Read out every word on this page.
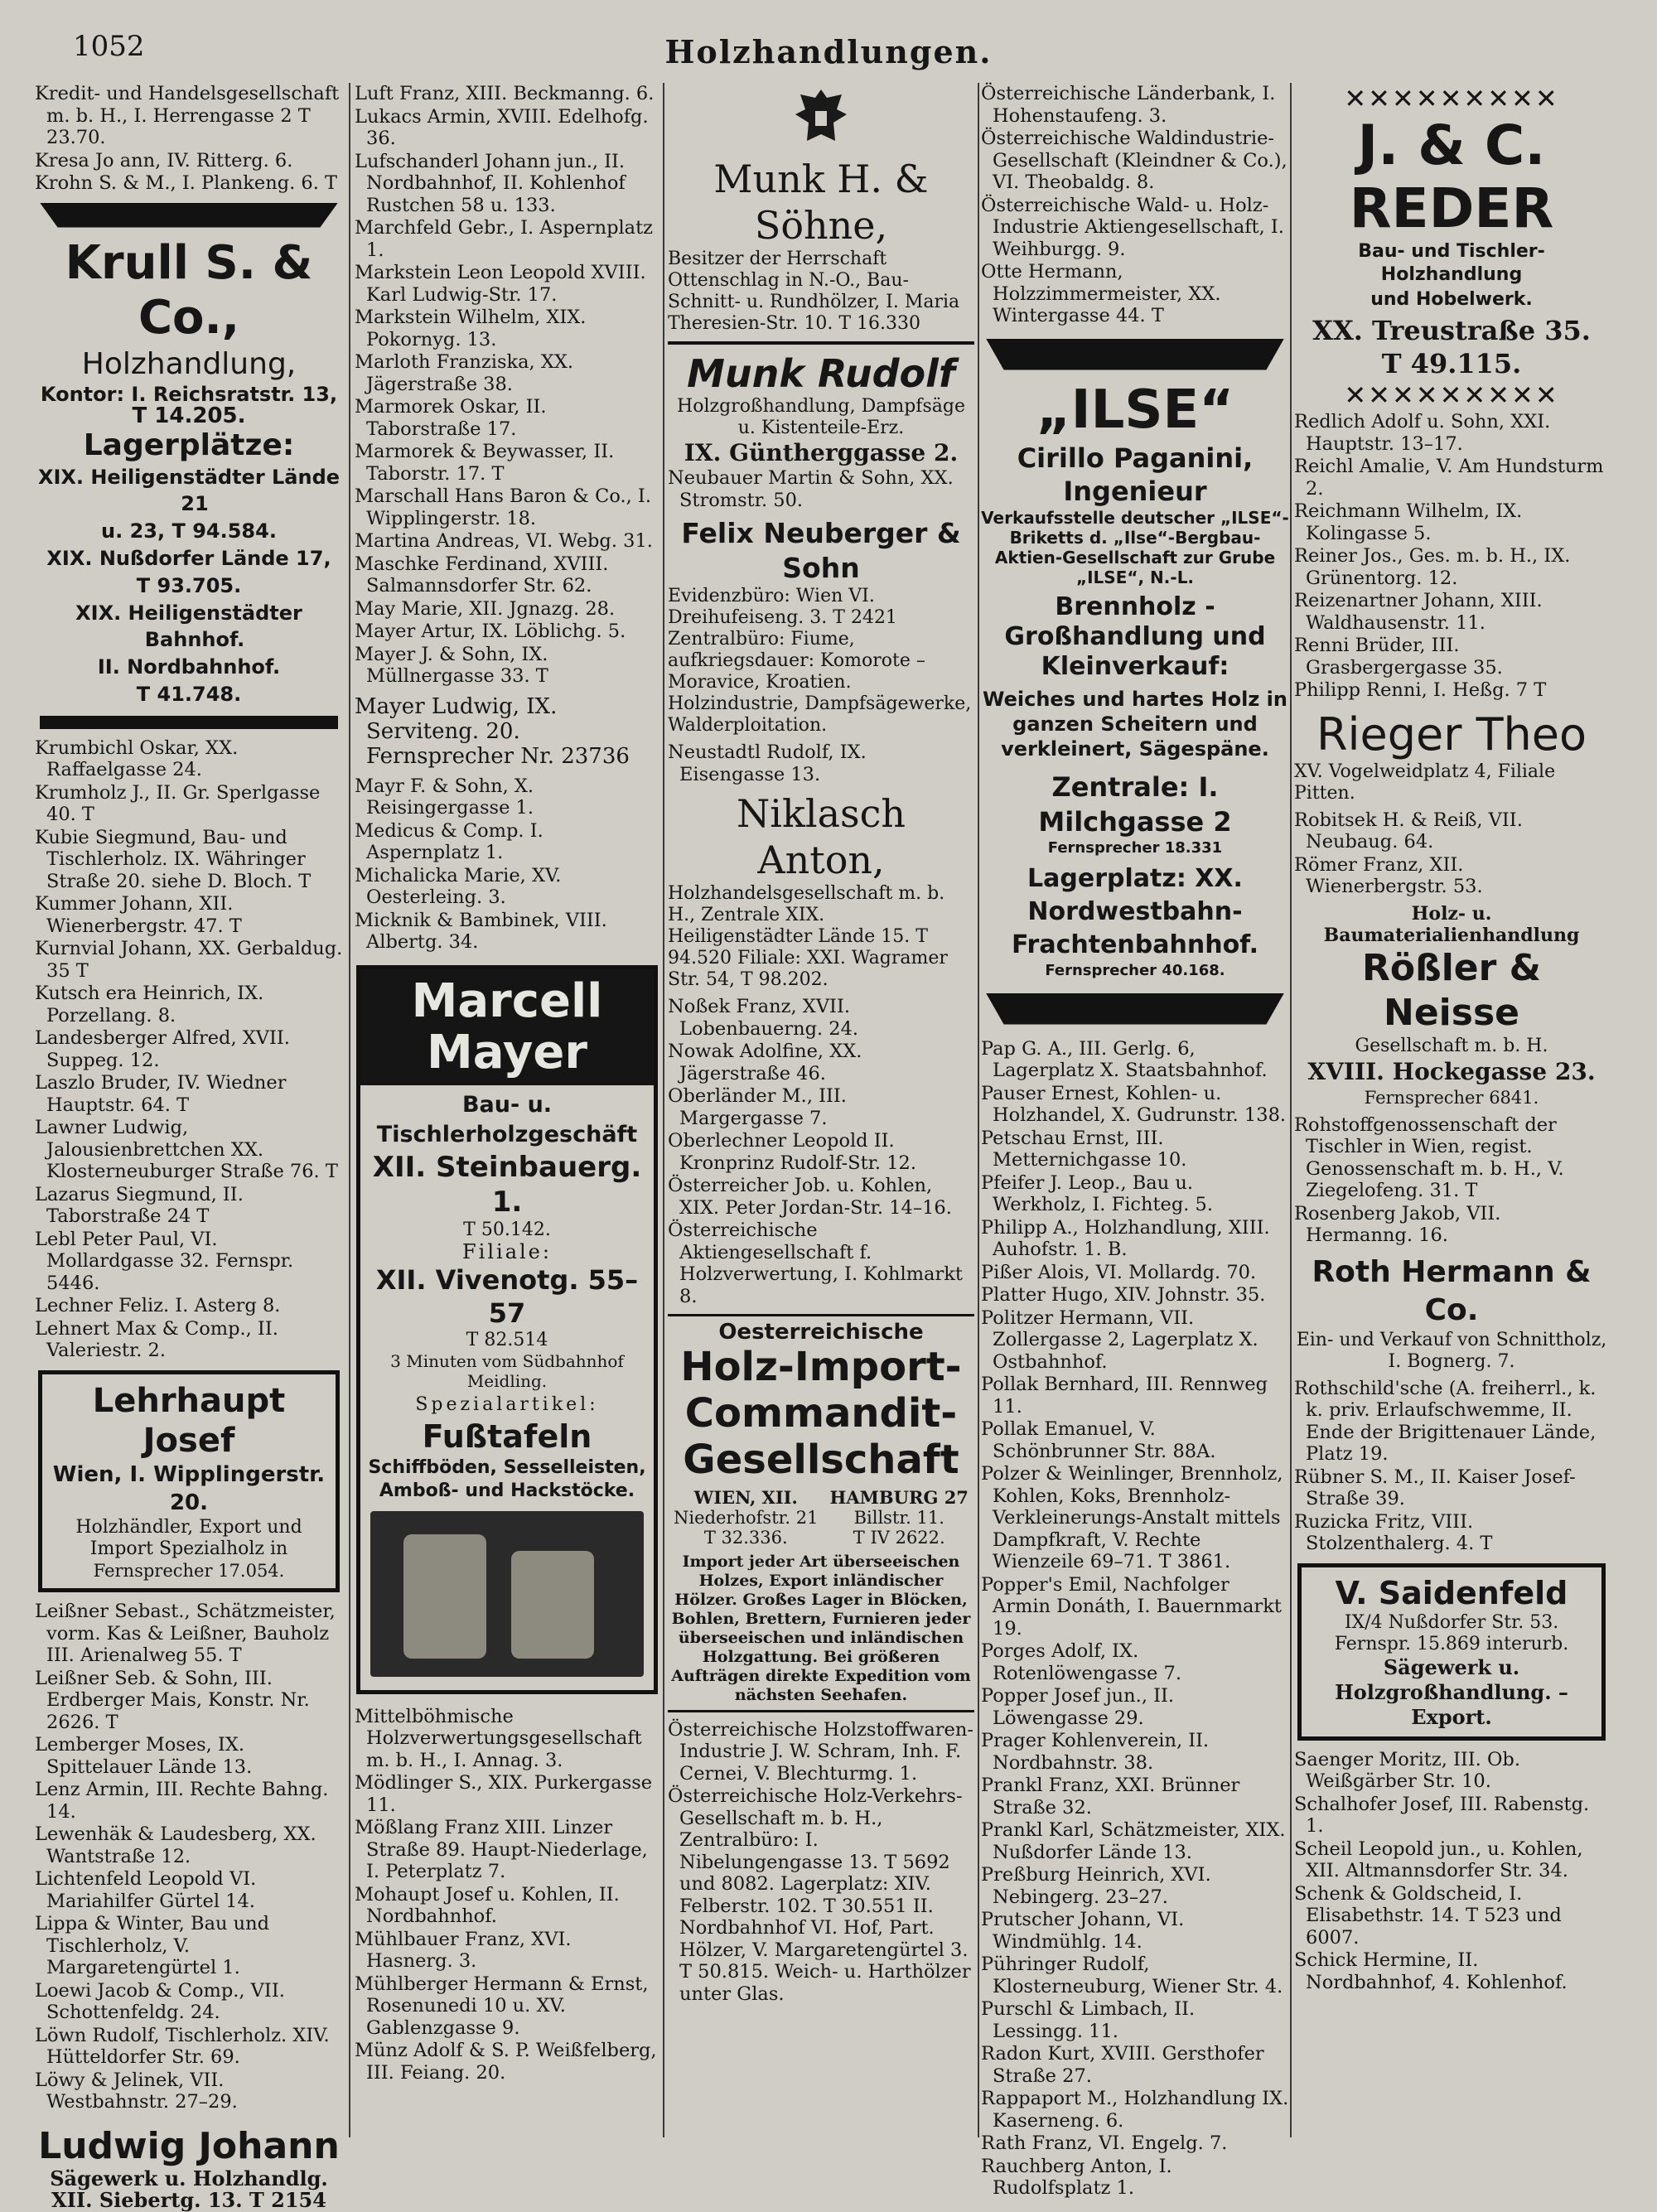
1052	Holzhandlungen.
Kredit- und Handelsgesellschaft m. b. H., I. Herrengasse 2 T 23.70.
Kresa Jo ann, IV. Ritterg. 6.
Krohn S. & M., I. Plankeng. 6. T
Krull S. & Co.,
Holzhandlung,
Kontor: I. Reichsratstr. 13,
T 14.205.
Lagerplätze:
XIX. Heiligenstädter Lände 21
u. 23, T 94.584.
XIX. Nußdorfer Lände 17,
T 93.705.
XIX. Heiligenstädter Bahnhof.
II. Nordbahnhof.
T 41.748.
Krumbichl Oskar, XX. Raffaelgasse 24.
Krumholz J., II. Gr. Sperlgasse 40. T
Kubie Siegmund, Bau- und Tischlerholz. IX. Währinger Straße 20. siehe D. Bloch. T
Kummer Johann, XII. Wienerbergstr. 47. T
Kurnvial Johann, XX. Gerbaldug. 35 T
Kutsch era Heinrich, IX. Porzellang. 8.
Landesberger Alfred, XVII. Suppeg. 12.
Laszlo Bruder, IV. Wiedner Hauptstr. 64. T
Lawner Ludwig, Jalousienbrettchen XX. Klosterneuburger Straße 76. T
Lazarus Siegmund, II. Taborstraße 24 T
Lebl Peter Paul, VI. Mollardgasse 32. Fernspr. 5446.
Lechner Feliz. I. Asterg 8.
Lehnert Max & Comp., II. Valeriestr. 2.
Lehrhaupt Josef
Wien, I. Wipplingerstr. 20.
Holzhändler, Export und Import Spezialholz in
Fernsprecher 17.054.
Leißner Sebast., Schätzmeister, vorm. Kas & Leißner, Bauholz III. Arienalweg 55. T
Leißner Seb. & Sohn, III. Erdberger Mais, Konstr. Nr. 2626. T
Lemberger Moses, IX. Spittelauer Lände 13.
Lenz Armin, III. Rechte Bahng. 14.
Lewenhäk & Laudesberg, XX. Wantstraße 12.
Lichtenfeld Leopold VI. Mariahilfer Gürtel 14.
Lippa & Winter, Bau und Tischlerholz, V. Margaretengürtel 1.
Loewi Jacob & Comp., VII. Schottenfeldg. 24.
Löwn Rudolf, Tischlerholz. XIV. Hütteldorfer Str. 69.
Löwy & Jelinek, VII. Westbahnstr. 27–29.
Ludwig Johann
Sägewerk u. Holzhandlg.
XII. Siebertg. 13. T 2154
Luft Franz, XIII. Beckmanng. 6.
Lukacs Armin, XVIII. Edelhofg. 36.
Lufschanderl Johann jun., II. Nordbahnhof, II. Kohlenhof Rustchen 58 u. 133.
Marchfeld Gebr., I. Aspernplatz 1.
Markstein Leon Leopold XVIII. Karl Ludwig-Str. 17.
Markstein Wilhelm, XIX. Pokornyg. 13.
Marloth Franziska, XX. Jägerstraße 38.
Marmorek Oskar, II. Taborstraße 17.
Marmorek & Beywasser, II. Taborstr. 17. T
Marschall Hans Baron & Co., I. Wipplingerstr. 18.
Martina Andreas, VI. Webg. 31.
Maschke Ferdinand, XVIII. Salmannsdorfer Str. 62.
May Marie, XII. Jgnazg. 28.
Mayer Artur, IX. Löblichg. 5.
Mayer J. & Sohn, IX. Müllnergasse 33. T
Mayer Ludwig, IX. Serviteng. 20. Fernsprecher Nr. 23736
Mayr F. & Sohn, X. Reisingergasse 1.
Medicus & Comp. I. Aspernplatz 1.
Michalicka Marie, XV. Oesterleing. 3.
Micknik & Bambinek, VIII. Albertg. 34.
Marcell Mayer
Bau- u. Tischlerholzgeschäft
XII. Steinbauerg. 1.
T 50.142.
Filiale:
XII. Vivenotg. 55–57
T 82.514
3 Minuten vom Südbahnhof Meidling.
Spezialartikel:
Fußtafeln
Schiffböden, Sesselleisten, Amboß- und Hackstöcke.
Mittelböhmische Holzverwertungsgesellschaft m. b. H., I. Annag. 3.
Mödlinger S., XIX. Purkergasse 11.
Mößlang Franz XIII. Linzer Straße 89. Haupt-Niederlage, I. Peterplatz 7.
Mohaupt Josef u. Kohlen, II. Nordbahnhof.
Mühlbauer Franz, XVI. Hasnerg. 3.
Mühlberger Hermann & Ernst, Rosenunedi 10 u. XV. Gablenzgasse 9.
Münz Adolf & S. P. Weißfelberg, III. Feiang. 20.
Munk H. & Söhne,
Besitzer der Herrschaft Ottenschlag in N.-O., Bau-Schnitt- u. Rundhölzer, I. Maria Theresien-Str. 10. T 16.330
Munk Rudolf
Holzgroßhandlung, Dampfsäge u. Kistenteile-Erz.
IX. Güntherggasse 2.
Neubauer Martin & Sohn, XX. Stromstr. 50.
Felix Neuberger & Sohn
Evidenzbüro: Wien VI. Dreihufeiseng. 3. T 2421 Zentralbüro: Fiume, aufkriegsdauer: Komorote – Moravice, Kroatien. Holzindustrie, Dampfsägewerke, Walderploitation.
Neustadtl Rudolf, IX. Eisengasse 13.
Niklasch Anton,
Holzhandelsgesellschaft m. b. H., Zentrale XIX. Heiligenstädter Lände 15. T 94.520 Filiale: XXI. Wagramer Str. 54, T 98.202.
Noßek Franz, XVII. Lobenbauerng. 24.
Nowak Adolfine, XX. Jägerstraße 46.
Oberländer M., III. Margergasse 7.
Oberlechner Leopold II. Kronprinz Rudolf-Str. 12.
Österreicher Job. u. Kohlen, XIX. Peter Jordan-Str. 14–16.
Österreichische Aktiengesellschaft f. Holzverwertung, I. Kohlmarkt 8.
Oesterreichische
Holz-Import-
Commandit-
Gesellschaft
WIEN, XII.
Niederhofstr. 21
T 32.336.
HAMBURG 27
Billstr. 11.
T IV 2622.
Import jeder Art überseeischen Holzes, Export inländischer Hölzer. Großes Lager in Blöcken, Bohlen, Brettern, Furnieren jeder überseeischen und inländischen Holzgattung. Bei größeren Aufträgen direkte Expedition vom nächsten Seehafen.
Österreichische Holzstoffwaren-Industrie J. W. Schram, Inh. F. Cernei, V. Blechturmg. 1.
Österreichische Holz-Verkehrs-Gesellschaft m. b. H., Zentralbüro: I. Nibelungengasse 13. T 5692 und 8082. Lagerplatz: XIV. Felberstr. 102. T 30.551 II. Nordbahnhof VI. Hof, Part. Hölzer, V. Margaretengürtel 3. T 50.815. Weich- u. Harthölzer unter Glas.
Österreichische Länderbank, I. Hohenstaufeng. 3.
Österreichische Waldindustrie-Gesellschaft (Kleindner & Co.), VI. Theobaldg. 8.
Österreichische Wald- u. Holz-Industrie Aktiengesellschaft, I. Weihburgg. 9.
Otte Hermann, Holzzimmermeister, XX. Wintergasse 44. T
„ILSE“
Cirillo Paganini, Ingenieur
Verkaufsstelle deutscher „ILSE“-Briketts d. „Ilse“-Bergbau-Aktien-Gesellschaft zur Grube „ILSE“, N.-L.
Brennholz - Großhandlung und Kleinverkauf:
Weiches und hartes Holz in ganzen Scheitern und verkleinert, Sägespäne.
Zentrale: I. Milchgasse 2
Fernsprecher 18.331
Lagerplatz: XX. Nordwestbahn-Frachtenbahnhof.
Fernsprecher 40.168.
Pap G. A., III. Gerlg. 6, Lagerplatz X. Staatsbahnhof.
Pauser Ernest, Kohlen- u. Holzhandel, X. Gudrunstr. 138.
Petschau Ernst, III. Metternichgasse 10.
Pfeifer J. Leop., Bau u. Werkholz, I. Fichteg. 5.
Philipp A., Holzhandlung, XIII. Auhofstr. 1. B.
Pißer Alois, VI. Mollardg. 70.
Platter Hugo, XIV. Johnstr. 35.
Politzer Hermann, VII. Zollergasse 2, Lagerplatz X. Ostbahnhof.
Pollak Bernhard, III. Rennweg 11.
Pollak Emanuel, V. Schönbrunner Str. 88A.
Polzer & Weinlinger, Brennholz, Kohlen, Koks, Brennholz-Verkleinerungs-Anstalt mittels Dampfkraft, V. Rechte Wienzeile 69–71. T 3861.
Popper's Emil, Nachfolger Armin Donáth, I. Bauernmarkt 19.
Porges Adolf, IX. Rotenlöwengasse 7.
Popper Josef jun., II. Löwengasse 29.
Prager Kohlenverein, II. Nordbahnstr. 38.
Prankl Franz, XXI. Brünner Straße 32.
Prankl Karl, Schätzmeister, XIX. Nußdorfer Lände 13.
Preßburg Heinrich, XVI. Nebingerg. 23–27.
Prutscher Johann, VI. Windmühlg. 14.
Pühringer Rudolf, Klosterneuburg, Wiener Str. 4.
Purschl & Limbach, II. Lessingg. 11.
Radon Kurt, XVIII. Gersthofer Straße 27.
Rappaport M., Holzhandlung IX. Kaserneng. 6.
Rath Franz, VI. Engelg. 7.
Rauchberg Anton, I. Rudolfsplatz 1.
✕✕✕✕✕✕✕✕✕
J. & C. REDER
Bau- und Tischler-Holzhandlung
und Hobelwerk.
XX. Treustraße 35.
T 49.115.
✕✕✕✕✕✕✕✕✕
Redlich Adolf u. Sohn, XXI. Hauptstr. 13–17.
Reichl Amalie, V. Am Hundsturm 2.
Reichmann Wilhelm, IX. Kolingasse 5.
Reiner Jos., Ges. m. b. H., IX. Grünentorg. 12.
Reizenartner Johann, XIII. Waldhausenstr. 11.
Renni Brüder, III. Grasbergergasse 35.
Philipp Renni, I. Heßg. 7 T
Rieger Theo
XV. Vogelweidplatz 4, Filiale Pitten.
Robitsek H. & Reiß, VII. Neubaug. 64.
Römer Franz, XII. Wienerbergstr. 53.
Holz- u. Baumaterialienhandlung
Rößler & Neisse
Gesellschaft m. b. H.
XVIII. Hockegasse 23.
Fernsprecher 6841.
Rohstoffgenossenschaft der Tischler in Wien, regist. Genossenschaft m. b. H., V. Ziegelofeng. 31. T
Rosenberg Jakob, VII. Hermanng. 16.
Roth Hermann & Co.
Ein- und Verkauf von Schnittholz, I. Bognerg. 7.
Rothschild'sche (A. freiherrl., k. k. priv. Erlaufschwemme, II. Ende der Brigittenauer Lände, Platz 19.
Rübner S. M., II. Kaiser Josef-Straße 39.
Ruzicka Fritz, VIII. Stolzenthalerg. 4. T
V. Saidenfeld
IX/4 Nußdorfer Str. 53.
Fernspr. 15.869 interurb.
Sägewerk u. Holzgroßhandlung. – Export.
Saenger Moritz, III. Ob. Weißgärber Str. 10.
Schalhofer Josef, III. Rabenstg. 1.
Scheil Leopold jun., u. Kohlen, XII. Altmannsdorfer Str. 34.
Schenk & Goldscheid, I. Elisabethstr. 14. T 523 und 6007.
Schick Hermine, II. Nordbahnhof, 4. Kohlenhof.
